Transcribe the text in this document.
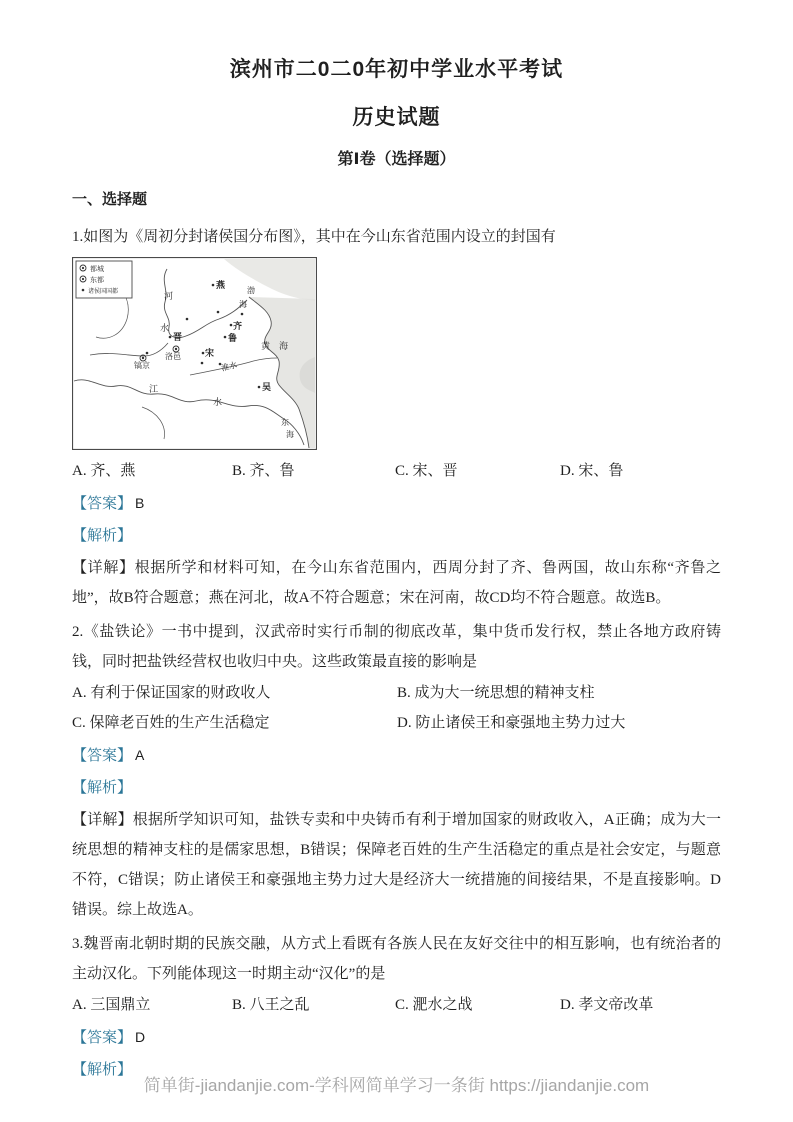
滨州市二0二0年初中学业水平考试
历史试题
第Ⅰ卷（选择题）
一、选择题

1.如图为《周初分封诸侯国分布图》，其中在今山东省范围内设立的封国有

都城
东都
诸侯国国都	河
水
晋
洛邑
镐京
燕
渤
海
齐
鲁
黄 海
宋
淮水
吴
江
水
东
海
A. 齐、燕	B. 齐、鲁	C. 宋、晋	D. 宋、鲁

【答案】 B

【解析】

【详解】根据所学和材料可知，在今山东省范围内，西周分封了齐、鲁两国，故山东称“齐鲁之地”，故B符合题意；燕在河北，故A不符合题意；宋在河南，故CD均不符合题意。故选B。

2.《盐铁论》一书中提到，汉武帝时实行币制的彻底改革，集中货币发行权，禁止各地方政府铸钱，同时把盐铁经营权也收归中央。这些政策最直接的影响是

A. 有利于保证国家的财政收人	B. 成为大一统思想的精神支柱
C. 保障老百姓的生产生活稳定	D. 防止诸侯王和豪强地主势力过大

【答案】 A

【解析】

【详解】根据所学知识可知，盐铁专卖和中央铸币有利于增加国家的财政收入，A正确；成为大一统思想的精神支柱的是儒家思想，B错误；保障老百姓的生产生活稳定的重点是社会安定，与题意不符，C错误；防止诸侯王和豪强地主势力过大是经济大一统措施的间接结果，不是直接影响。D错误。综上故选A。

3.魏晋南北朝时期的民族交融，从方式上看既有各族人民在友好交往中的相互影响，也有统治者的主动汉化。下列能体现这一时期主动“汉化”的是

A. 三国鼎立	B. 八王之乱	C. 淝水之战	D. 孝文帝改革

【答案】 D

【解析】

简单街-jiandanjie.com-学科网简单学习一条街 https://jiandanjie.com
